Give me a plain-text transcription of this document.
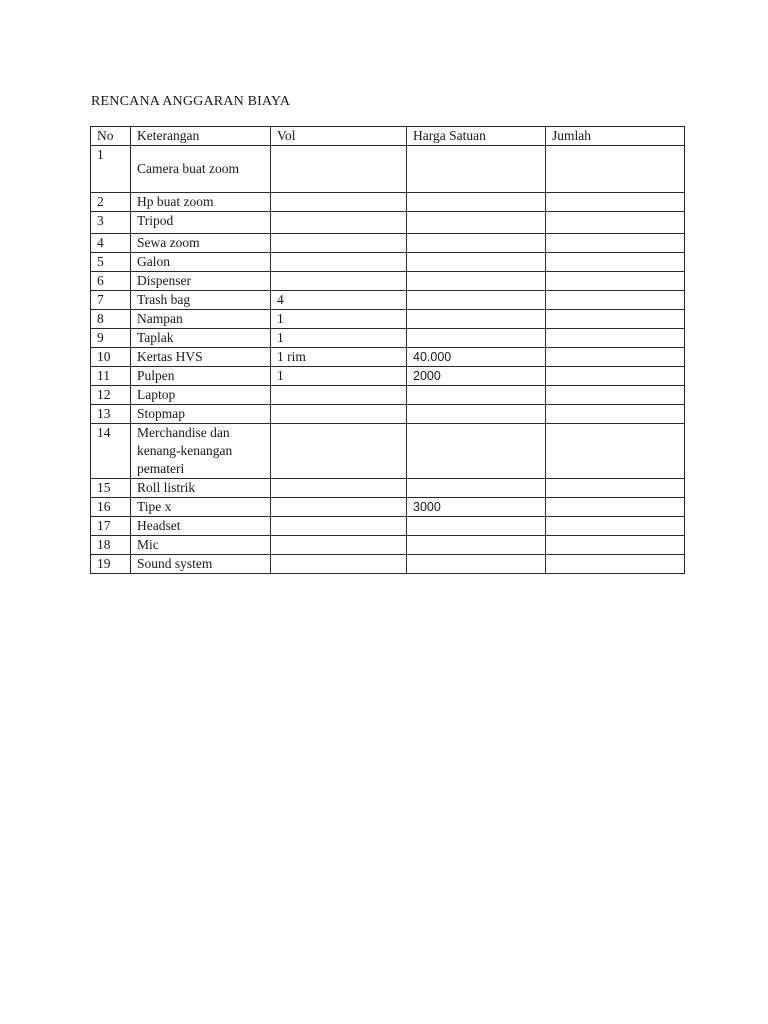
RENCANA ANGGARAN BIAYA
No	Keterangan	Vol	Harga Satuan	Jumlah
1	Camera buat zoom			
2	Hp buat zoom			
3	Tripod			
4	Sewa zoom			
5	Galon			
6	Dispenser			
7	Trash bag	4		
8	Nampan	1		
9	Taplak	1		
10	Kertas HVS	1 rim	40.000	
11	Pulpen	1	2000	
12	Laptop			
13	Stopmap			
14	Merchandise dan kenang-kenangan pemateri			
15	Roll listrik			
16	Tipe x		3000	
17	Headset			
18	Mic			
19	Sound system			
